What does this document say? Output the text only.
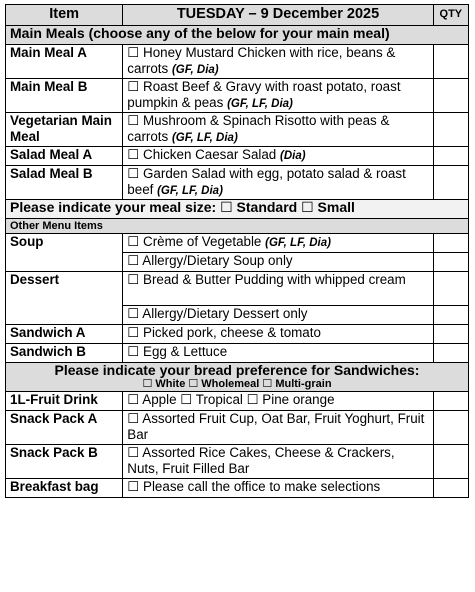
Item	TUESDAY – 9 December 2025	QTY
Main Meals (choose any of the below for your main meal)		
Main Meal A	☐ Honey Mustard Chicken with rice, beans & carrots (GF, Dia)	
Main Meal B	☐ Roast Beef & Gravy with roast potato, roast pumpkin & peas (GF, LF, Dia)	
Vegetarian Main Meal	☐ Mushroom & Spinach Risotto with peas & carrots (GF, LF, Dia)	
Salad Meal A	☐ Chicken Caesar Salad (Dia)	
Salad Meal B	☐ Garden Salad with egg, potato salad & roast beef (GF, LF, Dia)	
Please indicate your meal size: ☐ Standard ☐ Small		
Other Menu Items		
Soup	☐ Crème of Vegetable (GF, LF, Dia)	
	☐ Allergy/Dietary Soup only	
Dessert	☐ Bread & Butter Pudding with whipped cream	
	☐ Allergy/Dietary Dessert only	
Sandwich A	☐ Picked pork, cheese & tomato	
Sandwich B	☐ Egg & Lettuce	
Please indicate your bread preference for Sandwiches:
☐ White ☐ Wholemeal ☐ Multi-grain		

1L-Fruit Drink	☐ Apple ☐ Tropical ☐ Pine orange	
Snack Pack A	☐ Assorted Fruit Cup, Oat Bar, Fruit Yoghurt, Fruit Bar	
Snack Pack B	☐ Assorted Rice Cakes, Cheese & Crackers, Nuts, Fruit Filled Bar	
Breakfast bag	☐ Please call the office to make selections	
